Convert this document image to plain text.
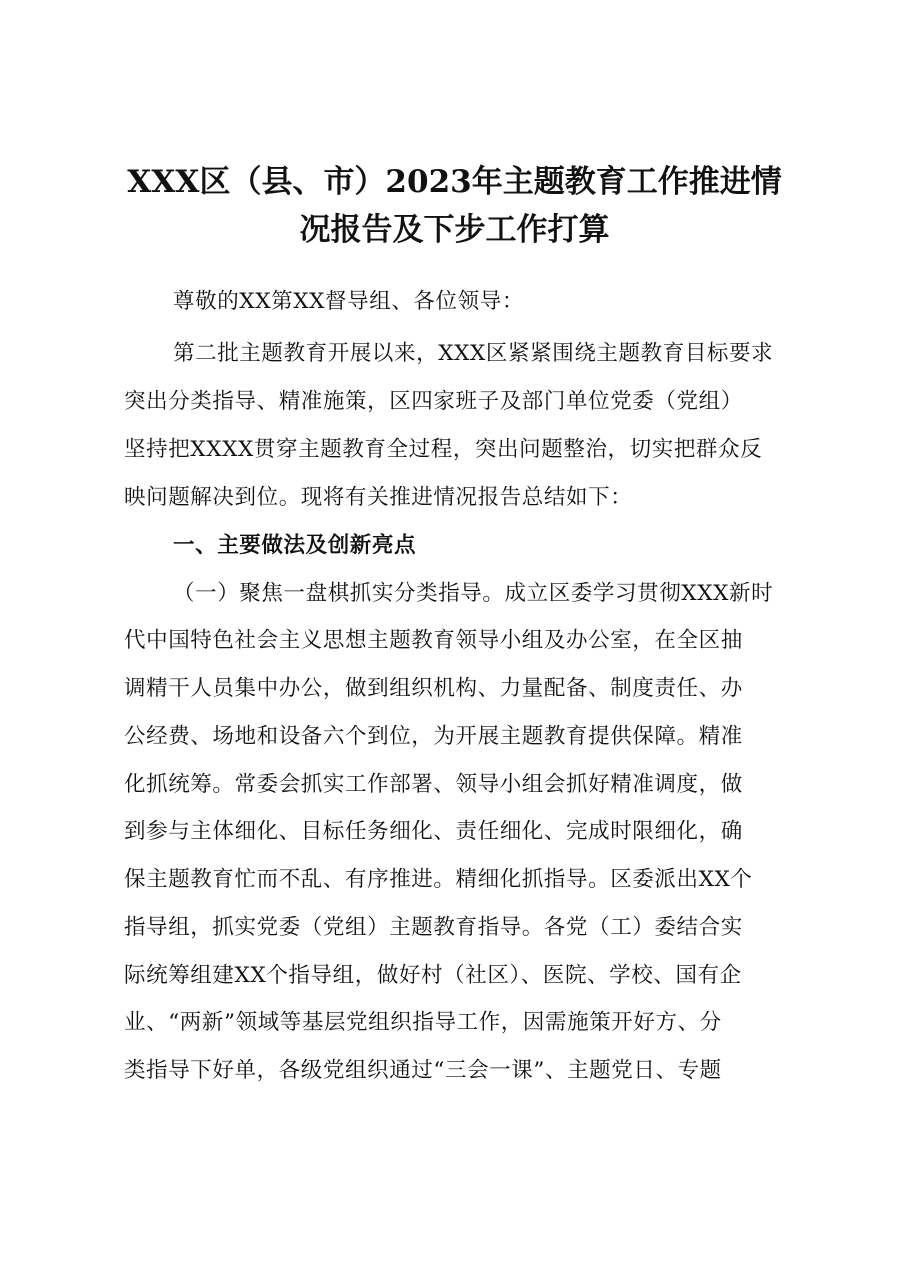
XXX区（县、市）2023年主题教育工作推进情
况报告及下步工作打算
尊敬的XX第XX督导组、各位领导：
第二批主题教育开展以来，XXX区紧紧围绕主题教育目标要求
突出分类指导、精准施策，区四家班子及部门单位党委（党组）
坚持把XXXX贯穿主题教育全过程，突出问题整治，切实把群众反
映问题解决到位。现将有关推进情况报告总结如下：
一、主要做法及创新亮点
（一）聚焦一盘棋抓实分类指导。成立区委学习贯彻XXX新时
代中国特色社会主义思想主题教育领导小组及办公室，在全区抽
调精干人员集中办公，做到组织机构、力量配备、制度责任、办
公经费、场地和设备六个到位，为开展主题教育提供保障。精准
化抓统筹。常委会抓实工作部署、领导小组会抓好精准调度，做
到参与主体细化、目标任务细化、责任细化、完成时限细化，确
保主题教育忙而不乱、有序推进。精细化抓指导。区委派出XX个
指导组，抓实党委（党组）主题教育指导。各党（工）委结合实
际统筹组建XX个指导组，做好村（社区）、医院、学校、国有企
业、“两新”领域等基层党组织指导工作，因需施策开好方、分
类指导下好单，各级党组织通过“三会一课”、主题党日、专题
